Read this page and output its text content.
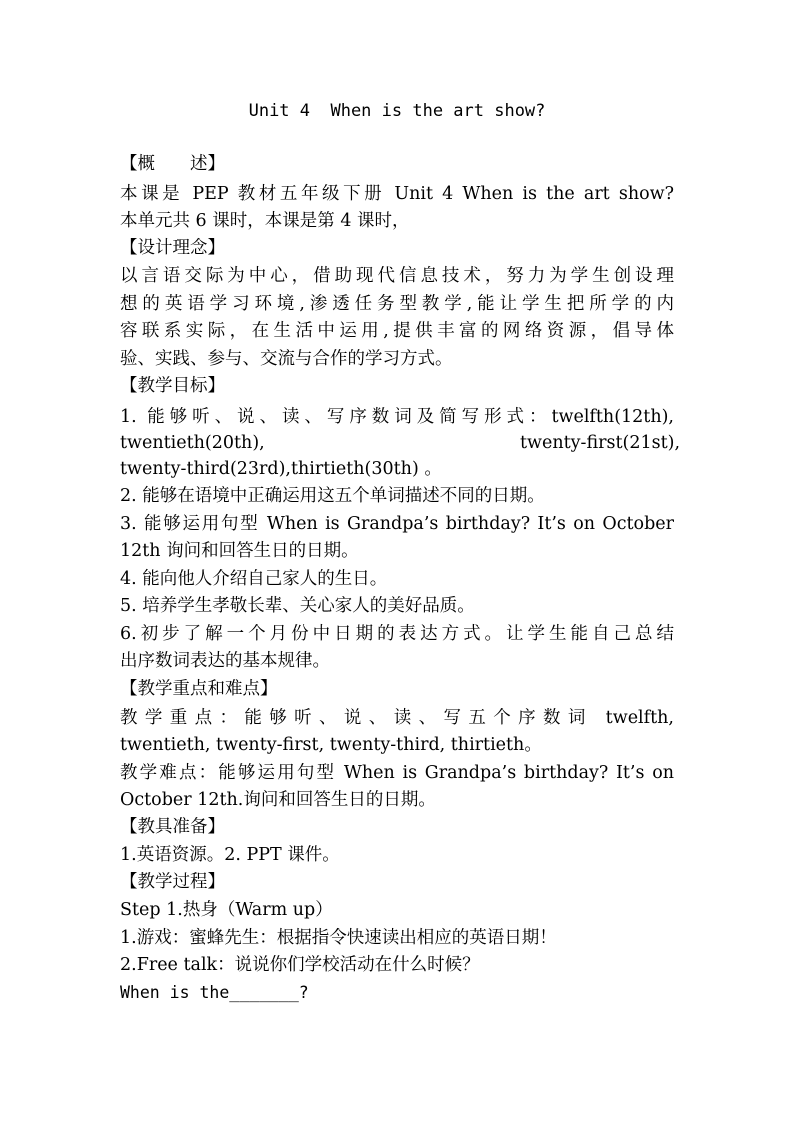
Unit 4  When is the art show?
【概　　述】
本课是 PEP 教材五年级下册 Unit 4 When is the art show?
本单元共 6 课时，本课是第 4 课时，
【设计理念】
以言语交际为中心，借助现代信息技术，努力为学生创设理
想的英语学习环境,渗透任务型教学,能让学生把所学的内
容联系实际，在生活中运用,提供丰富的网络资源，倡导体
验、实践、参与、交流与合作的学习方式。
【教学目标】
1. 能够听、说、读、写序数词及简写形式：twelfth(12th),
twentieth(20th),	twenty-first(21st),
twenty-third(23rd),thirtieth(30th) 。
2. 能够在语境中正确运用这五个单词描述不同的日期。
3. 能够运用句型 When is Grandpa’s birthday? It’s on October
12th 询问和回答生日的日期。
4. 能向他人介绍自己家人的生日。
5. 培养学生孝敬长辈、关心家人的美好品质。
6.初步了解一个月份中日期的表达方式。让学生能自己总结
出序数词表达的基本规律。
【教学重点和难点】
教学重点：能够听、说、读、写五个序数词 twelfth,
twentieth, twenty-first, twenty-third, thirtieth。
教学难点：能够运用句型 When is Grandpa’s birthday? It’s on
October 12th.询问和回答生日的日期。
【教具准备】
1.英语资源。2. PPT 课件。
【教学过程】
Step 1.热身（Warm up）
1.游戏：蜜蜂先生：根据指令快速读出相应的英语日期！
2.Free talk：说说你们学校活动在什么时候？
When is the_______?
